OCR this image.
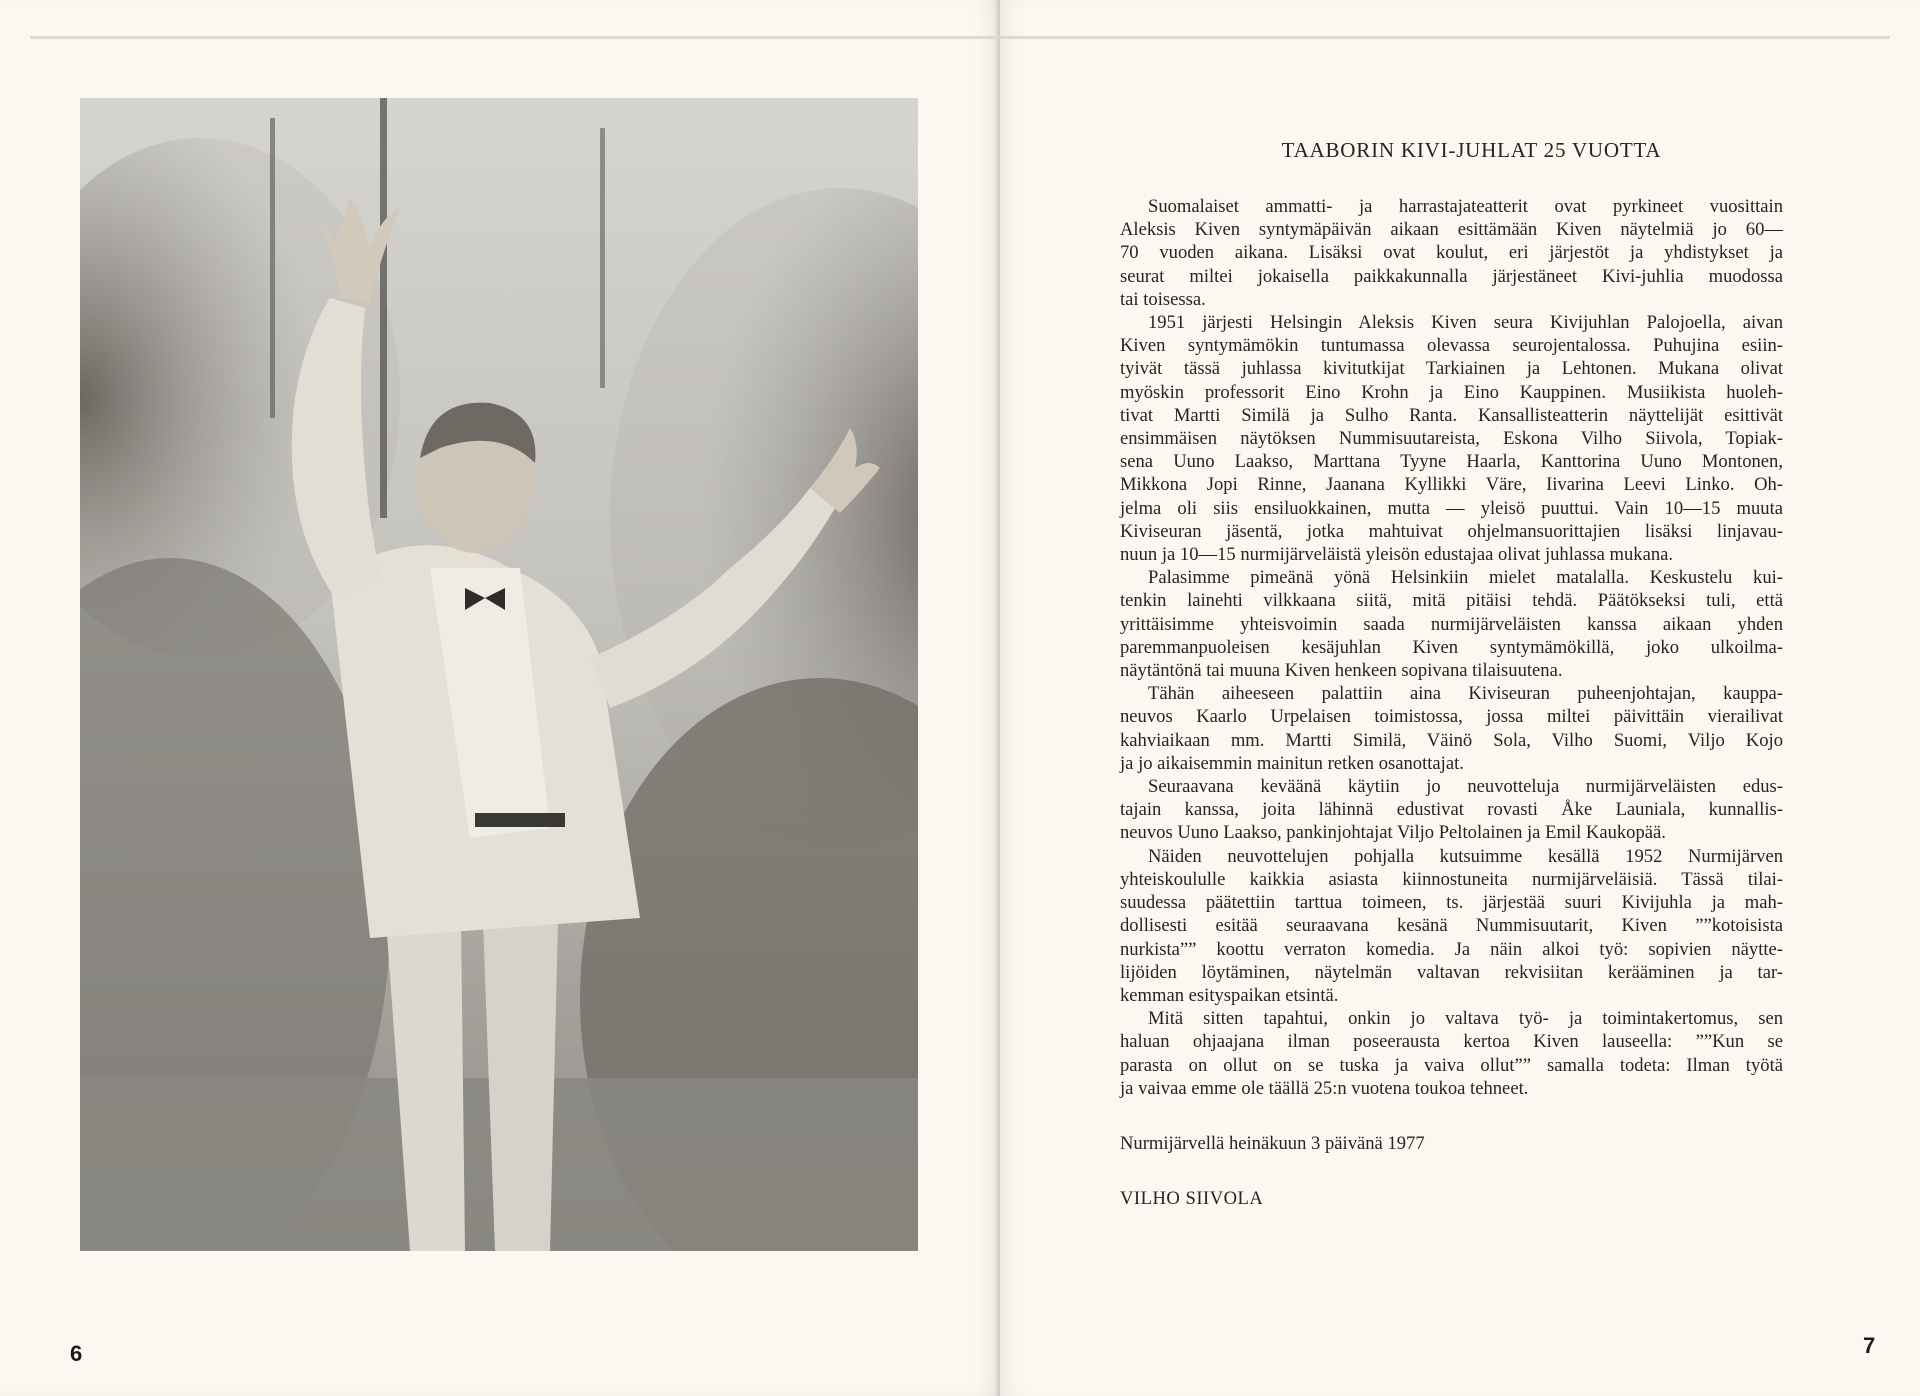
6	7
TAABORIN KIVI-JUHLAT 25 VUOTTA
Suomalaiset ammatti- ja harrastajateatterit ovat pyrkineet vuosittain
Aleksis Kiven syntymäpäivän aikaan esittämään Kiven näytelmiä jo 60—
70 vuoden aikana. Lisäksi ovat koulut, eri järjestöt ja yhdistykset ja
seurat miltei jokaisella paikkakunnalla järjestäneet Kivi-juhlia muodossa
tai toisessa.
1951 järjesti Helsingin Aleksis Kiven seura Kivijuhlan Palojoella, aivan
Kiven syntymämökin tuntumassa olevassa seurojentalossa. Puhujina esiin-
tyivät tässä juhlassa kivitutkijat Tarkiainen ja Lehtonen. Mukana olivat
myöskin professorit Eino Krohn ja Eino Kauppinen. Musiikista huoleh-
tivat Martti Similä ja Sulho Ranta. Kansallisteatterin näyttelijät esittivät
ensimmäisen näytöksen Nummisuutareista, Eskona Vilho Siivola, Topiak-
sena Uuno Laakso, Marttana Tyyne Haarla, Kanttorina Uuno Montonen,
Mikkona Jopi Rinne, Jaanana Kyllikki Väre, Iivarina Leevi Linko. Oh-
jelma oli siis ensiluokkainen, mutta — yleisö puuttui. Vain 10—15 muuta
Kiviseuran jäsentä, jotka mahtuivat ohjelmansuorittajien lisäksi linjavau-
nuun ja 10—15 nurmijärveläistä yleisön edustajaa olivat juhlassa mukana.
Palasimme pimeänä yönä Helsinkiin mielet matalalla. Keskustelu kui-
tenkin lainehti vilkkaana siitä, mitä pitäisi tehdä. Päätökseksi tuli, että
yrittäisimme yhteisvoimin saada nurmijärveläisten kanssa aikaan yhden
paremmanpuoleisen kesäjuhlan Kiven syntymämökillä, joko ulkoilma-
näytäntönä tai muuna Kiven henkeen sopivana tilaisuutena.
Tähän aiheeseen palattiin aina Kiviseuran puheenjohtajan, kauppa-
neuvos Kaarlo Urpelaisen toimistossa, jossa miltei päivittäin vierailivat
kahviaikaan mm. Martti Similä, Väinö Sola, Vilho Suomi, Viljo Kojo
ja jo aikaisemmin mainitun retken osanottajat.
Seuraavana keväänä käytiin jo neuvotteluja nurmijärveläisten edus-
tajain kanssa, joita lähinnä edustivat rovasti Åke Launiala, kunnallis-
neuvos Uuno Laakso, pankinjohtajat Viljo Peltolainen ja Emil Kaukopää.
Näiden neuvottelujen pohjalla kutsuimme kesällä 1952 Nurmijärven
yhteiskoululle kaikkia asiasta kiinnostuneita nurmijärveläisiä. Tässä tilai-
suudessa päätettiin tarttua toimeen, ts. järjestää suuri Kivijuhla ja mah-
dollisesti esitää seuraavana kesänä Nummisuutarit, Kiven ””kotoisista
nurkista”” koottu verraton komedia. Ja näin alkoi työ: sopivien näytte-
lijöiden löytäminen, näytelmän valtavan rekvisiitan kerääminen ja tar-
kemman esityspaikan etsintä.
Mitä sitten tapahtui, onkin jo valtava työ- ja toimintakertomus, sen
haluan ohjaajana ilman poseerausta kertoa Kiven lauseella: ””Kun se
parasta on ollut on se tuska ja vaiva ollut”” samalla todeta: Ilman työtä
ja vaivaa emme ole täällä 25:n vuotena toukoa tehneet.
Nurmijärvellä heinäkuun 3 päivänä 1977
VILHO SIIVOLA
